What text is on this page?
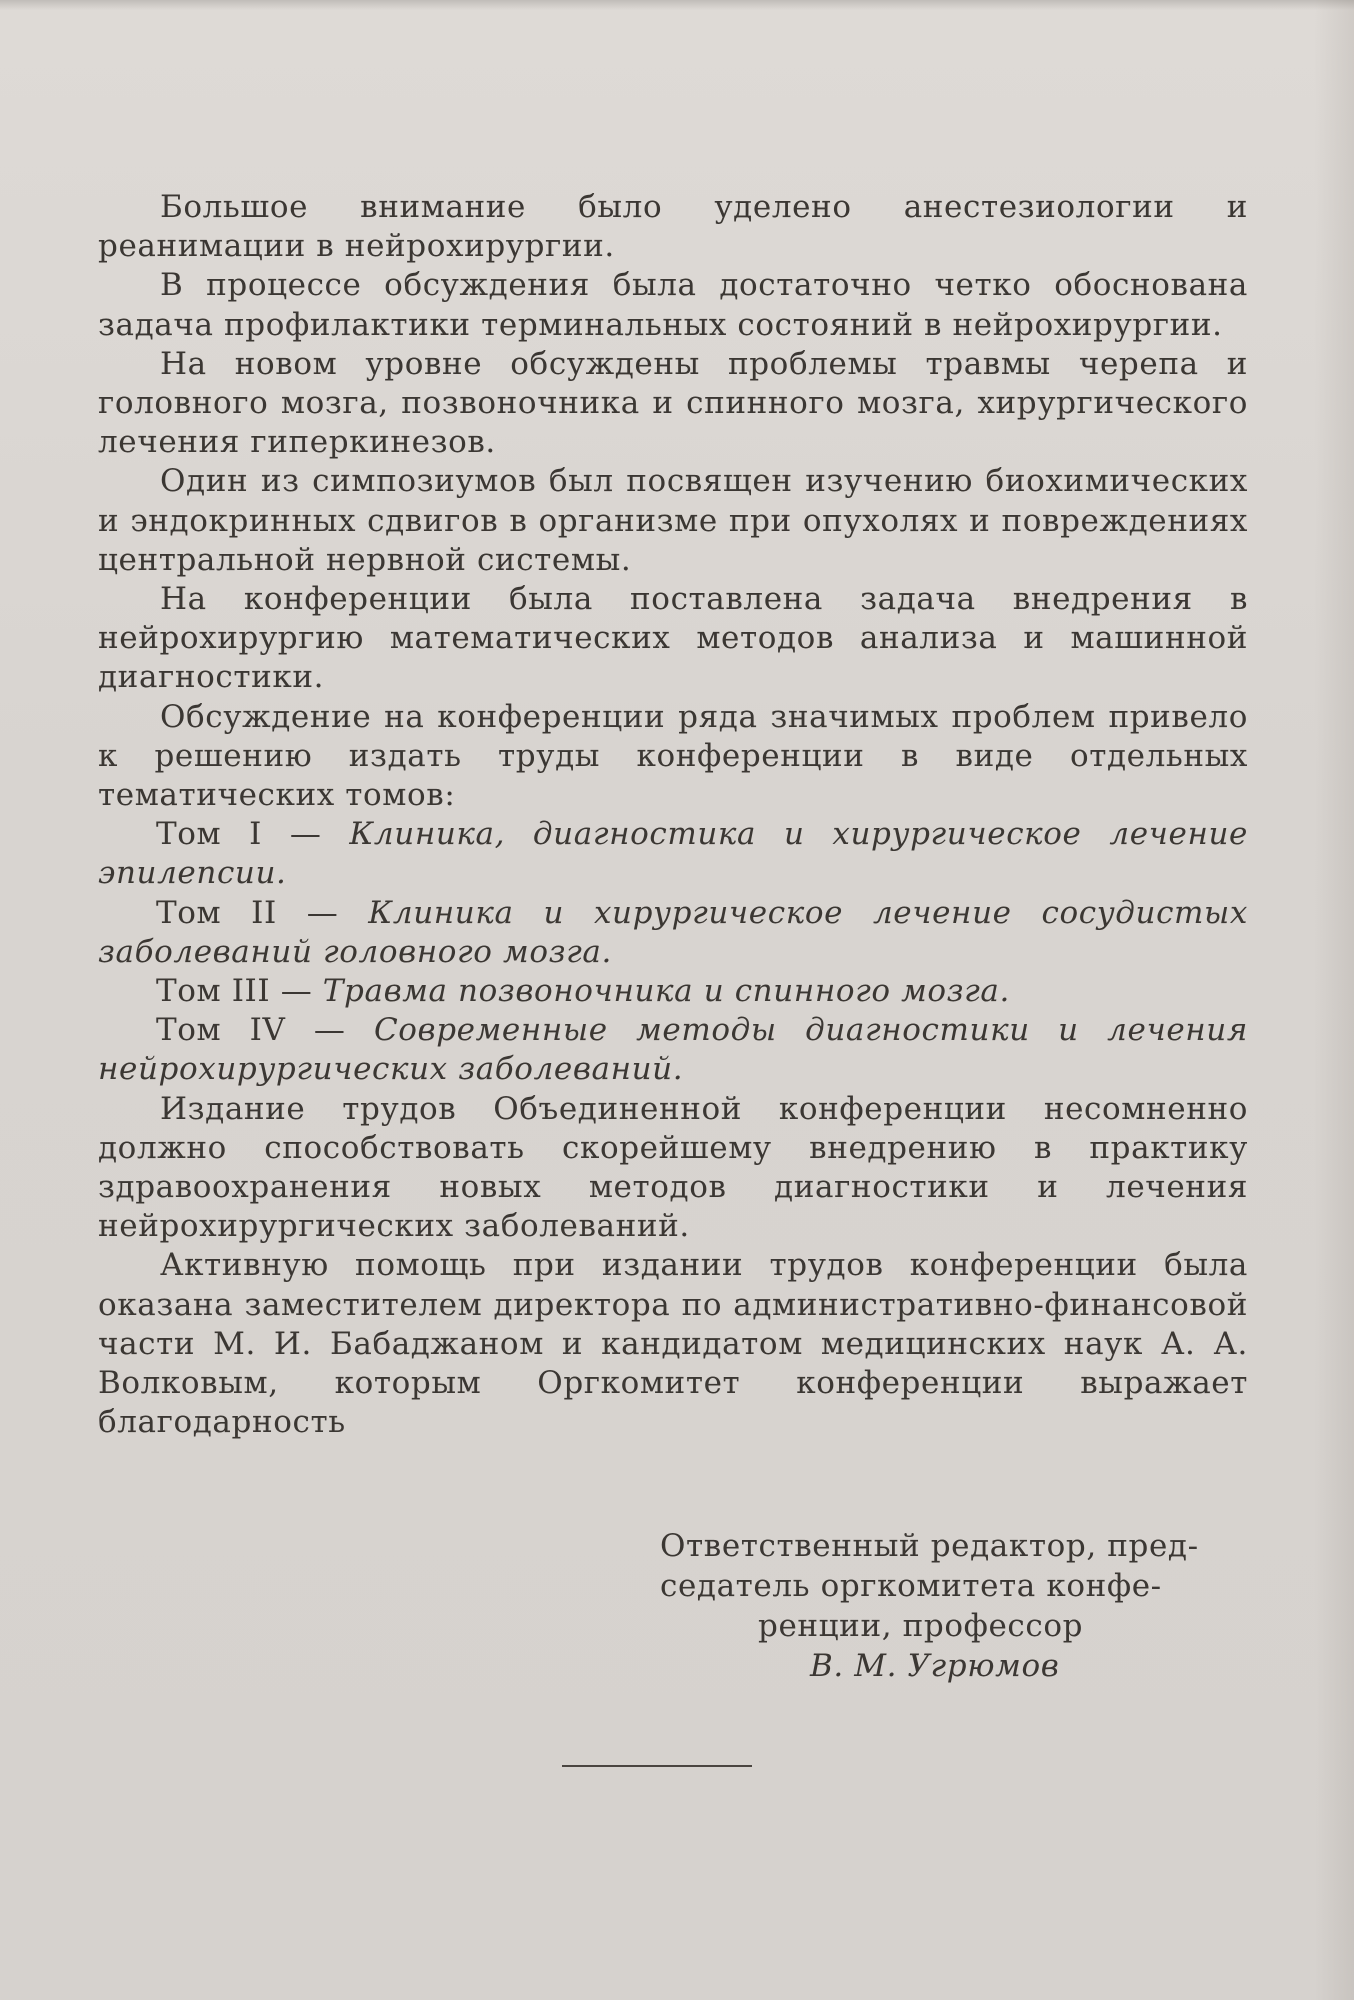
Большое внимание было уделено анестезиологии и реанимации в нейрохирургии.

В процессе обсуждения была достаточно четко обоснована задача профилактики терминальных состояний в нейрохирургии.

На новом уровне обсуждены проблемы травмы черепа и головного мозга, позвоночника и спинного мозга, хирургического лечения гиперкинезов.

Один из симпозиумов был посвящен изучению биохимических и эндокринных сдвигов в организме при опухолях и повреждениях центральной нервной системы.

На конференции была поставлена задача внедрения в нейрохирургию математических методов анализа и машинной диагностики.

Обсуждение на конференции ряда значимых проблем привело к решению издать труды конференции в виде отдельных тематических томов:

Том I — Клиника, диагностика и хирургическое лечение эпилепсии.

Том II — Клиника и хирургическое лечение сосудистых заболеваний головного мозга.

Том III — Травма позвоночника и спинного мозга.

Том IV — Современные методы диагностики и лечения нейрохирургических заболеваний.

Издание трудов Объединенной конференции несомненно должно способствовать скорейшему внедрению в практику здравоохранения новых методов диагностики и лечения нейрохирургических заболеваний.

Активную помощь при издании трудов конференции была оказана заместителем директора по административно-финансовой части М. И. Бабаджаном и кандидатом медицинских наук А. А. Волковым, которым Оргкомитет конференции выражает благодарность

Ответственный редактор, пред-
седатель оргкомитета конфе-
ренции, профессор
В. М. Угрюмов
